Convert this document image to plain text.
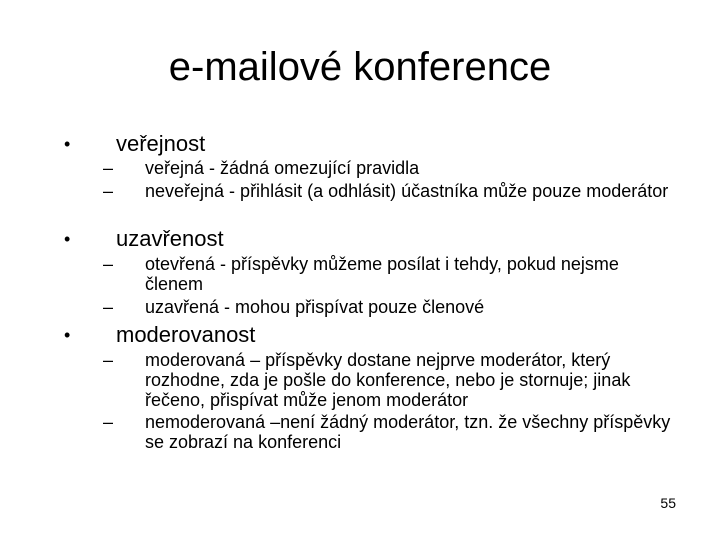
e-mailové konference
• veřejnost
– veřejná - žádná omezující pravidla
– neveřejná - přihlásit (a odhlásit) účastníka může pouze moderátor
• uzavřenost
– otevřená - příspěvky můžeme posílat i tehdy, pokud nejsme členem
– uzavřená - mohou přispívat pouze členové
• moderovanost
– moderovaná – příspěvky dostane nejprve moderátor, který rozhodne, zda je pošle do konference, nebo je stornuje; jinak řečeno, přispívat může jenom moderátor
– nemoderovaná –není žádný moderátor, tzn. že všechny příspěvky se zobrazí na konferenci
55
